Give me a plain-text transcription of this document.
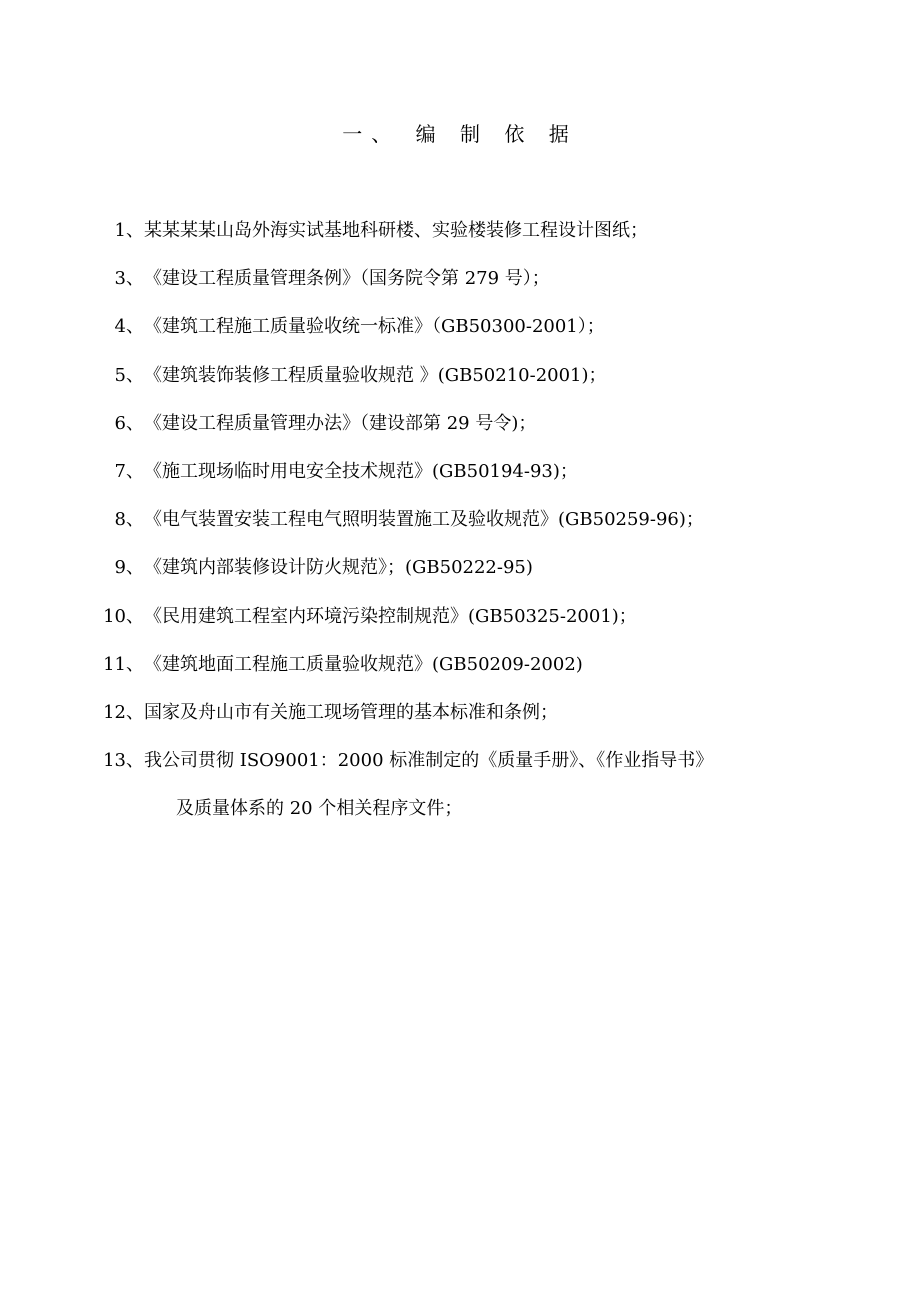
一、 编 制 依 据
1、 某某某某山岛外海实试基地科研楼、实验楼装修工程设计图纸；
3、 《建设工程质量管理条例》（国务院令第 279 号）；
4、 《建筑工程施工质量验收统一标准》（GB50300-2001）；
5、 《建筑装饰装修工程质量验收规范 》(GB50210-2001)；
6、 《建设工程质量管理办法》（建设部第 29 号令)；
7、 《施工现场临时用电安全技术规范》(GB50194-93)；
8、 《电气装置安装工程电气照明装置施工及验收规范》(GB50259-96)；
9、 《建筑内部装修设计防火规范》；(GB50222-95)
10、 《民用建筑工程室内环境污染控制规范》(GB50325-2001)；
11、 《建筑地面工程施工质量验收规范》(GB50209-2002)
12、 国家及舟山市有关施工现场管理的基本标准和条例；
13、 我公司贯彻 ISO9001：2000 标准制定的《质量手册》、《作业指导书》
及质量体系的 20 个相关程序文件；
